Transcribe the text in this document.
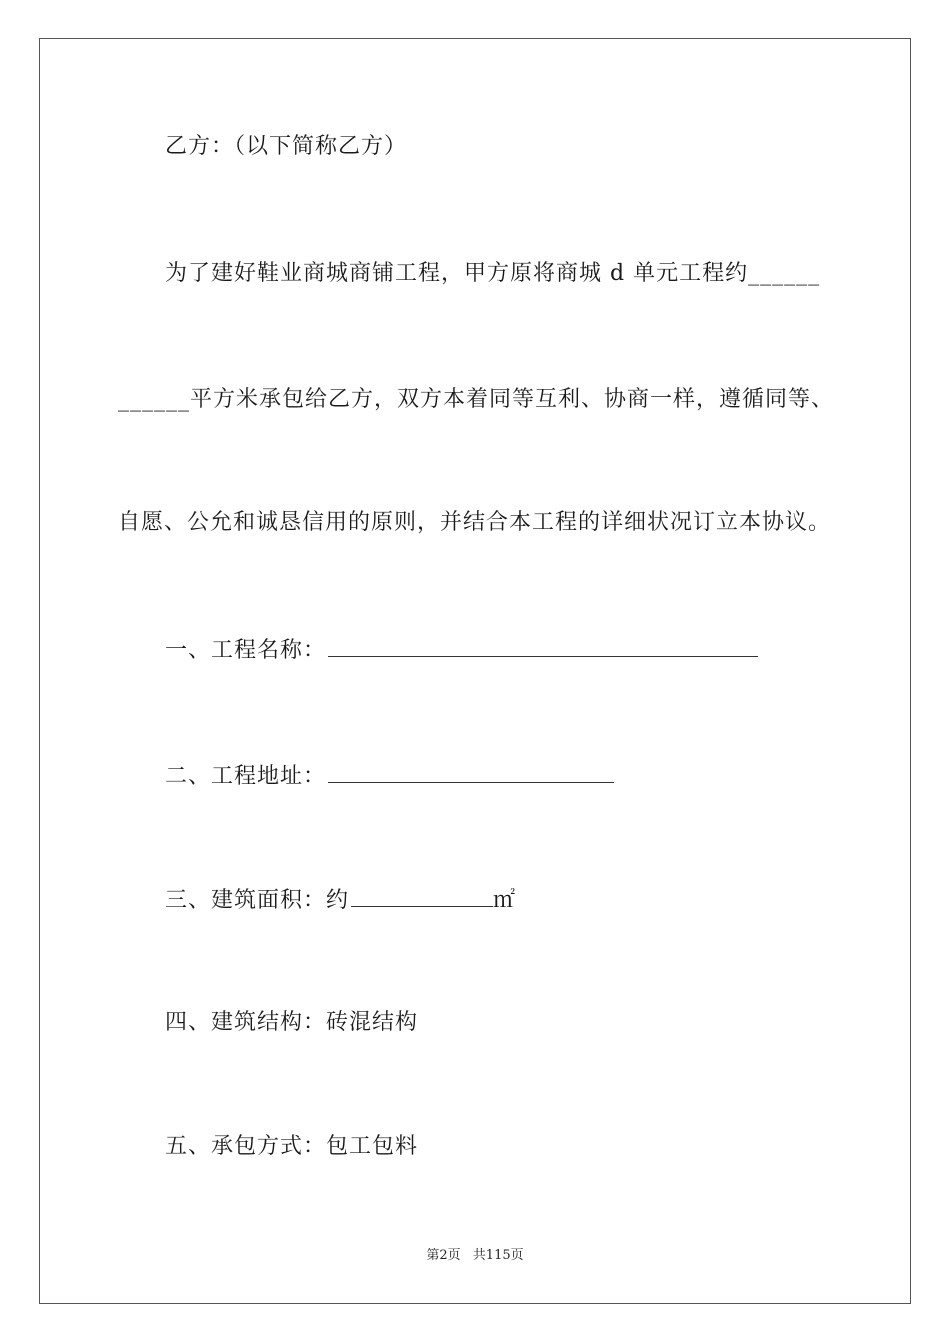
乙方：（以下简称乙方）
为了建好鞋业商城商铺工程，甲方原将商城 d 单元工程约______
______平方米承包给乙方，双方本着同等互利、协商一样，遵循同等、
自愿、公允和诚恳信用的原则，并结合本工程的详细状况订立本协议。
一、工程名称：
二、工程地址：
三、建筑面积：约	㎡
四、建筑结构：砖混结构
五、承包方式：包工包料
第2页 共115页
